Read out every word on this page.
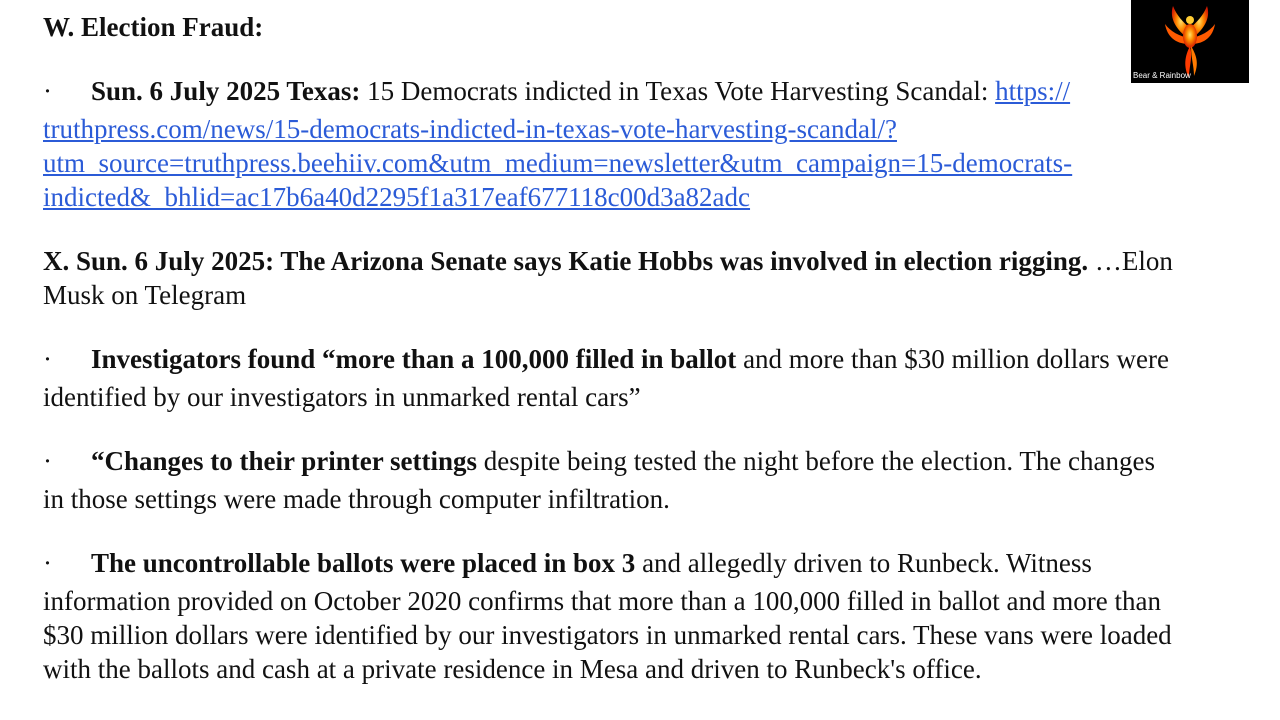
W. Election Fraud:
· Sun. 6 July 2025 Texas: 15 Democrats indicted in Texas Vote Harvesting Scandal: https://
truthpress.com/news/15-democrats-indicted-in-texas-vote-harvesting-scandal/?
utm_source=truthpress.beehiiv.com&utm_medium=newsletter&utm_campaign=15-democrats-
indicted&_bhlid=ac17b6a40d2295f1a317eaf677118c00d3a82adc
X. Sun. 6 July 2025: The Arizona Senate says Katie Hobbs was involved in election rigging. …Elon
Musk on Telegram
· Investigators found “more than a 100,000 filled in ballot and more than $30 million dollars were
identified by our investigators in unmarked rental cars”
· “Changes to their printer settings despite being tested the night before the election. The changes
in those settings were made through computer infiltration.
· The uncontrollable ballots were placed in box 3 and allegedly driven to Runbeck. Witness
information provided on October 2020 confirms that more than a 100,000 filled in ballot and more than
$30 million dollars were identified by our investigators in unmarked rental cars. These vans were loaded
with the ballots and cash at a private residence in Mesa and driven to Runbeck's office.
Bear & Rainbow
